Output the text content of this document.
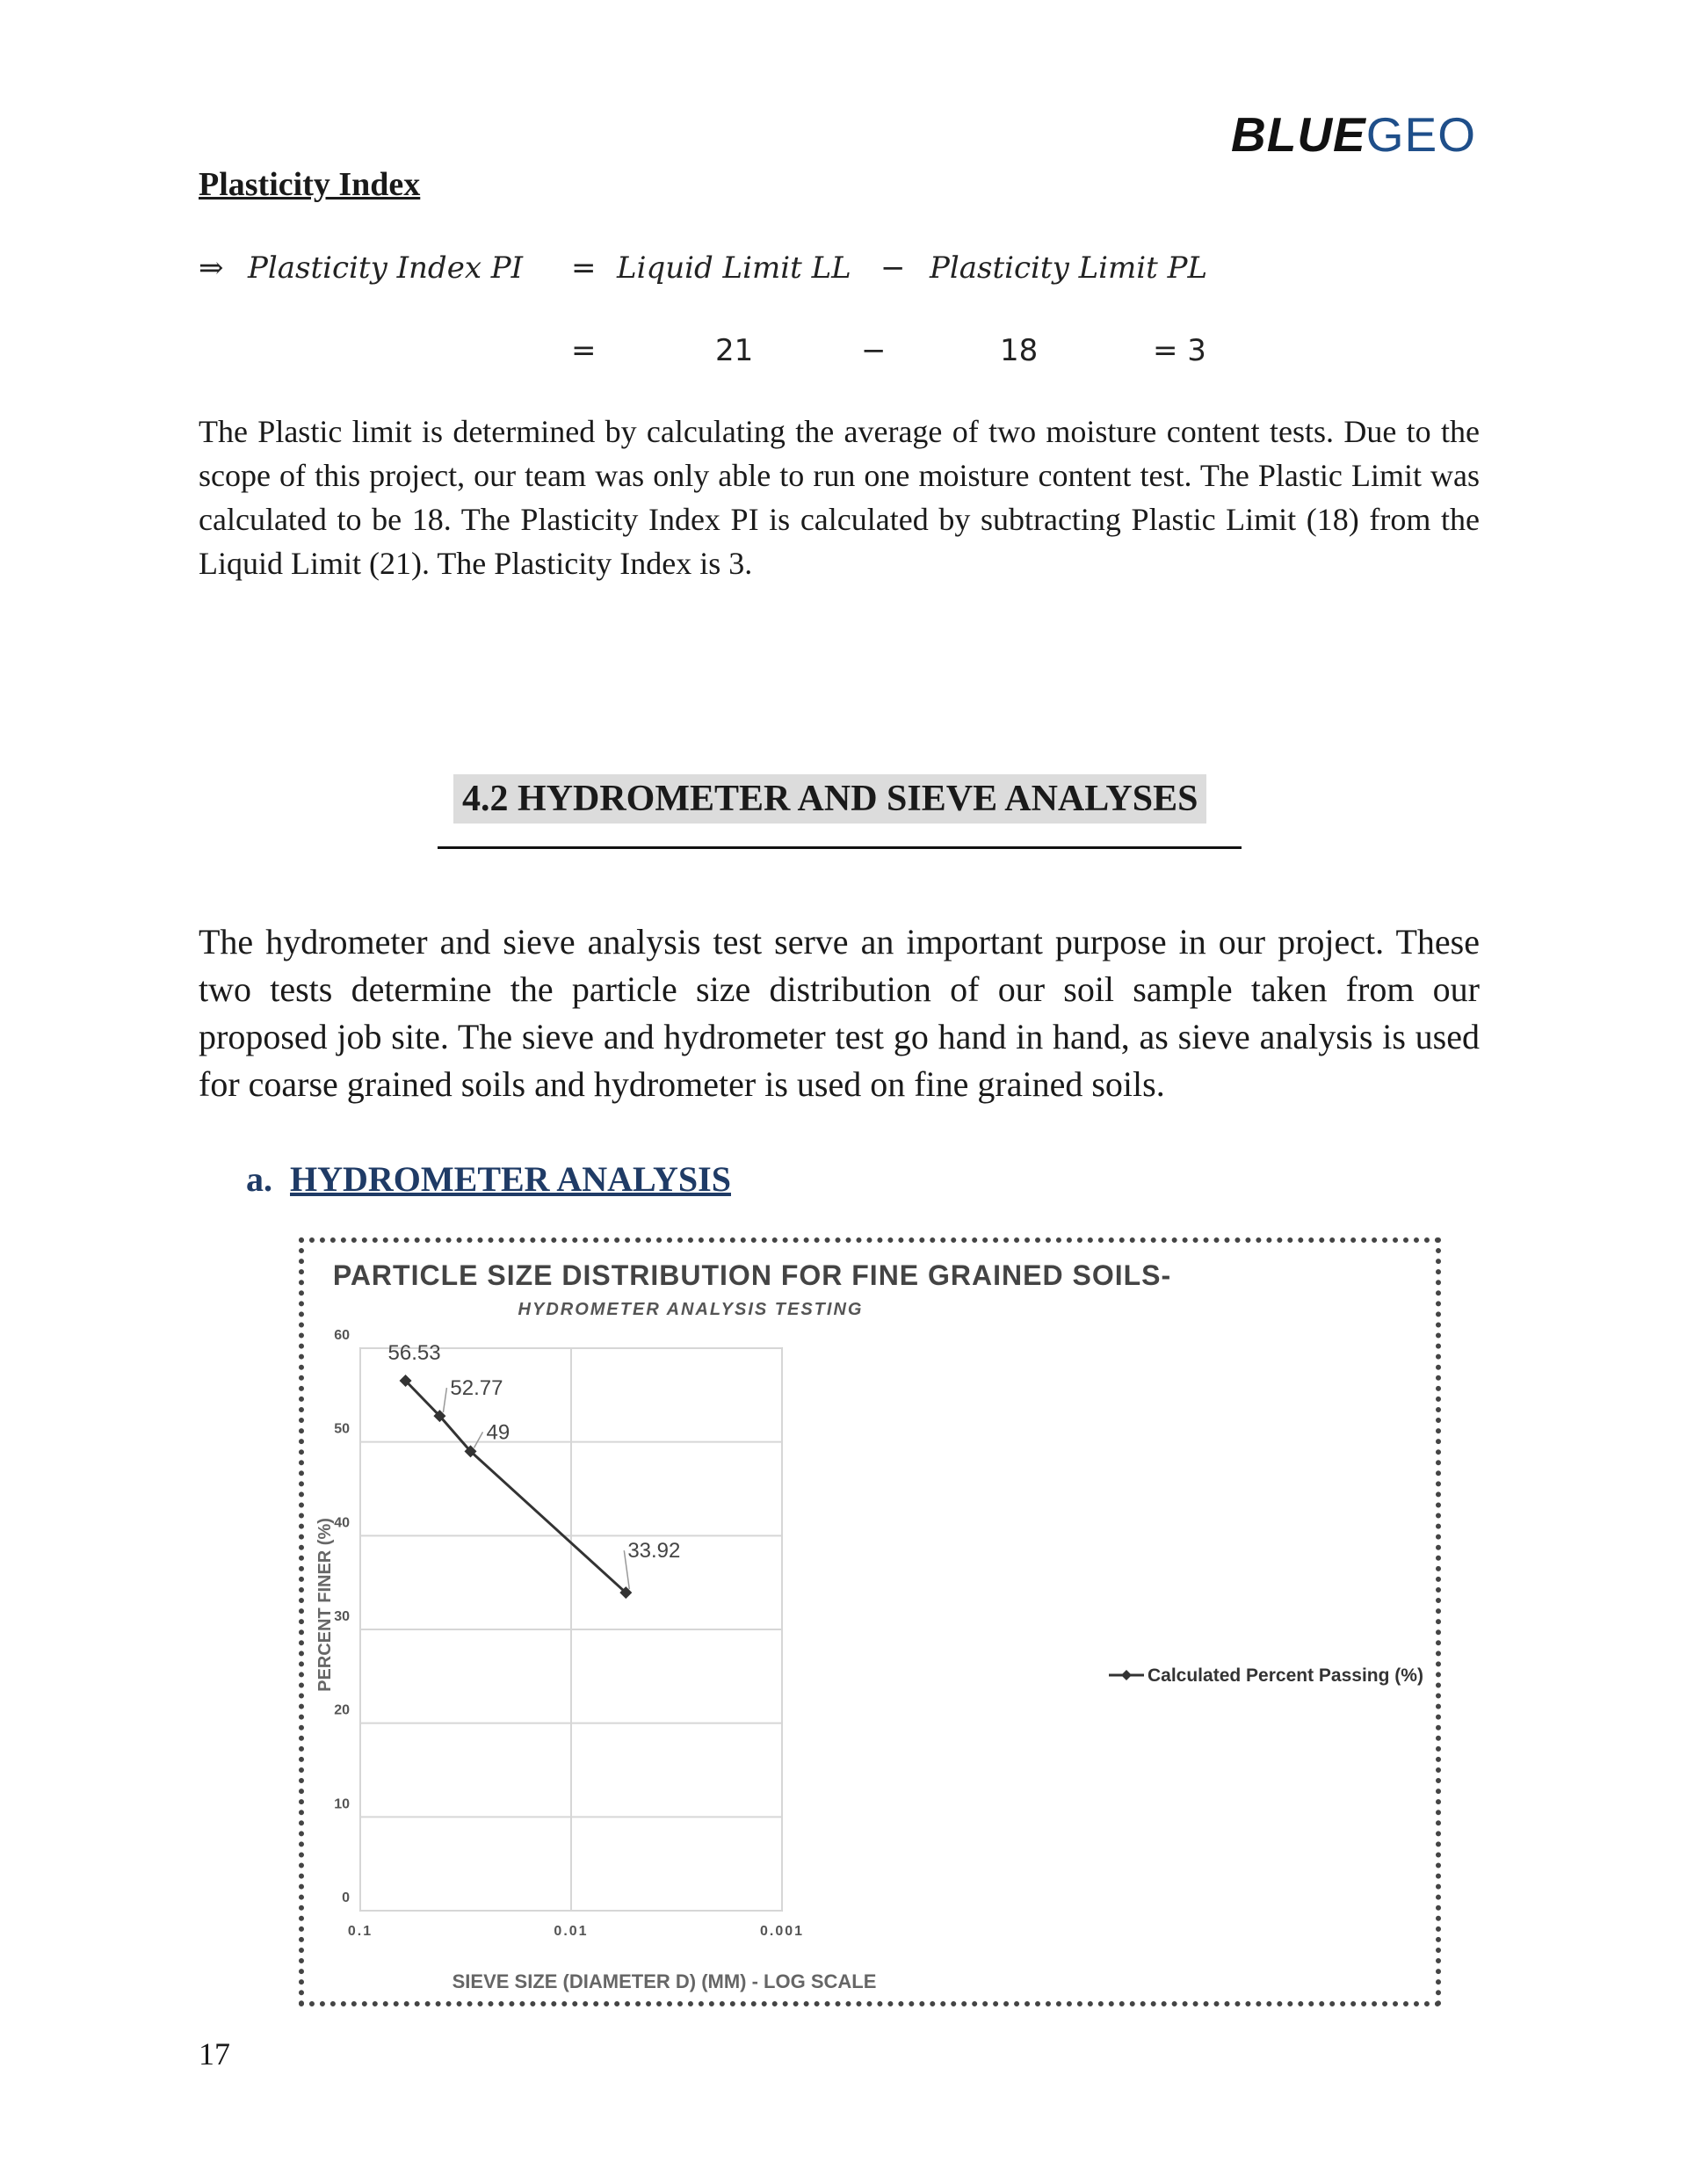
BLUEGEO
Plasticity Index
⇒ Plasticity Index PI = Liquid Limit LL − Plasticity Limit PL
=	21	−	18	= 3
The Plastic limit is determined by calculating the average of two moisture content tests. Due to the scope of this project, our team was only able to run one moisture content test. The Plastic Limit was calculated to be 18. The Plasticity Index PI is calculated by subtracting Plastic Limit (18) from the Liquid Limit (21). The Plasticity Index is 3.
4.2 HYDROMETER AND SIEVE ANALYSES
The hydrometer and sieve analysis test serve an important purpose in our project. These two tests determine the particle size distribution of our soil sample taken from our proposed job site. The sieve and hydrometer test go hand in hand, as sieve analysis is used for coarse grained soils and hydrometer is used on fine grained soils.
a. HYDROMETER ANALYSIS
PARTICLE SIZE DISTRIBUTION FOR FINE GRAINED SOILS-
HYDROMETER ANALYSIS TESTING
0
10
20
30
40
50
60
0.1	0.01	0.001
PERCENT FINER (%)
SIEVE SIZE (DIAMETER D) (MM) - LOG SCALE
56.53
52.77
49
33.92
Calculated Percent Passing (%)
17
